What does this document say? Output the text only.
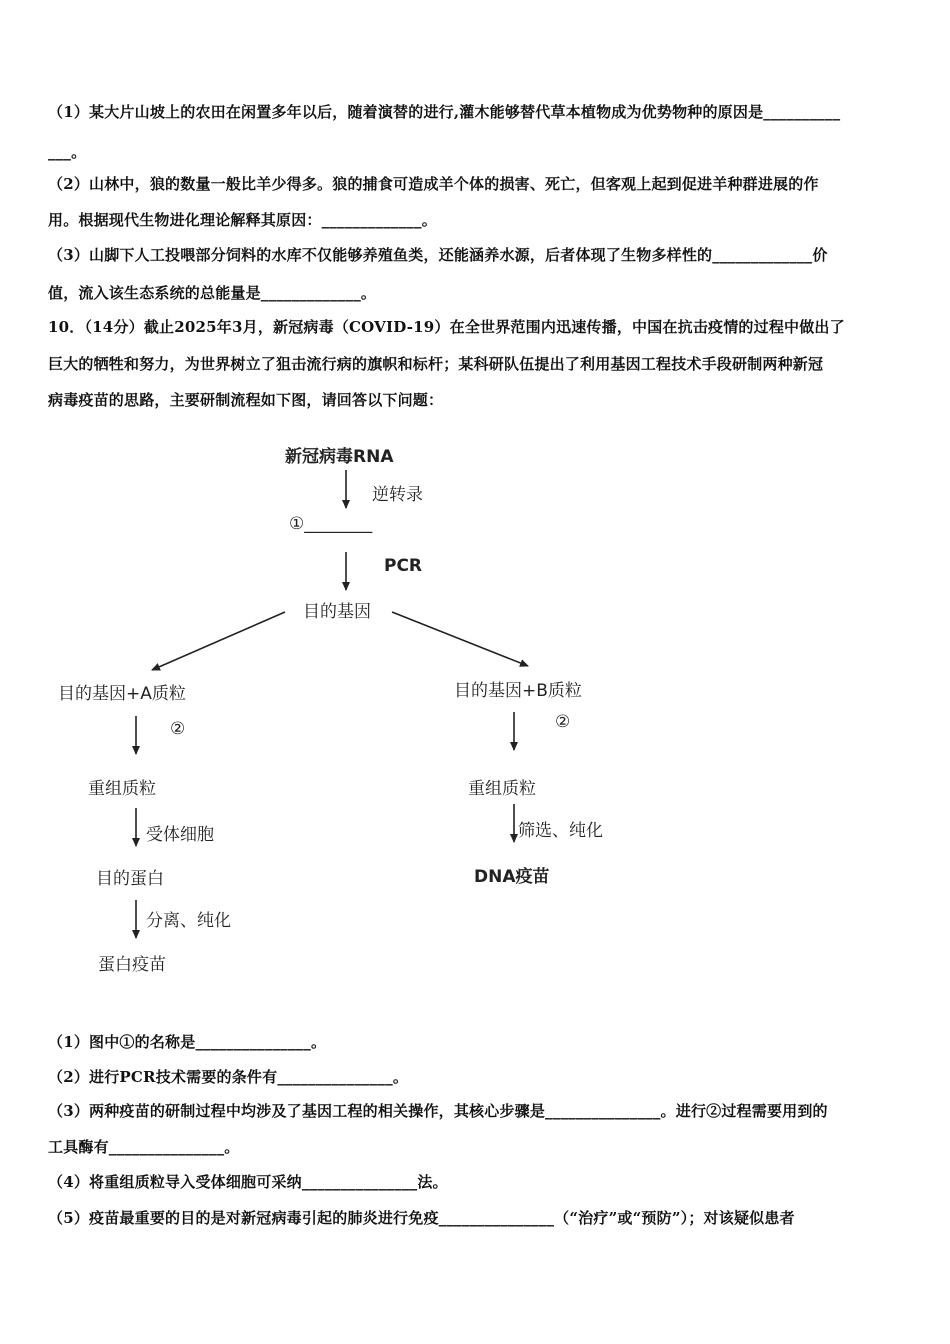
（1）某大片山坡上的农田在闲置多年以后，随着演替的进行,灌木能够替代草本植物成为优势物种的原因是__________
___。
（2）山林中，狼的数量一般比羊少得多。狼的捕食可造成羊个体的损害、死亡，但客观上起到促进羊种群进展的作
用。根据现代生物进化理论解释其原因：_____________。
（3）山脚下人工投喂部分饲料的水库不仅能够养殖鱼类，还能涵养水源，后者体现了生物多样性的_____________价
值，流入该生态系统的总能量是_____________。
10．（14分）截止2025年3月，新冠病毒（COVID-19）在全世界范围内迅速传播，中国在抗击疫情的过程中做出了
巨大的牺牲和努力，为世界树立了狙击流行病的旗帜和标杆；某科研队伍提出了利用基因工程技术手段研制两种新冠
病毒疫苗的思路，主要研制流程如下图，请回答以下问题：
新冠病毒RNA
逆转录
①________
PCR
目的基因
目的基因+A质粒
②
重组质粒
受体细胞
目的蛋白
分离、纯化
蛋白疫苗
目的基因+B质粒
②
重组质粒
筛选、纯化
DNA疫苗
（1）图中①的名称是_______________。
（2）进行PCR技术需要的条件有_______________。
（3）两种疫苗的研制过程中均涉及了基因工程的相关操作，其核心步骤是_______________。进行②过程需要用到的
工具酶有_______________。
（4）将重组质粒导入受体细胞可采纳_______________法。
（5）疫苗最重要的目的是对新冠病毒引起的肺炎进行免疫_______________（“治疗”或“预防”）；对该疑似患者
